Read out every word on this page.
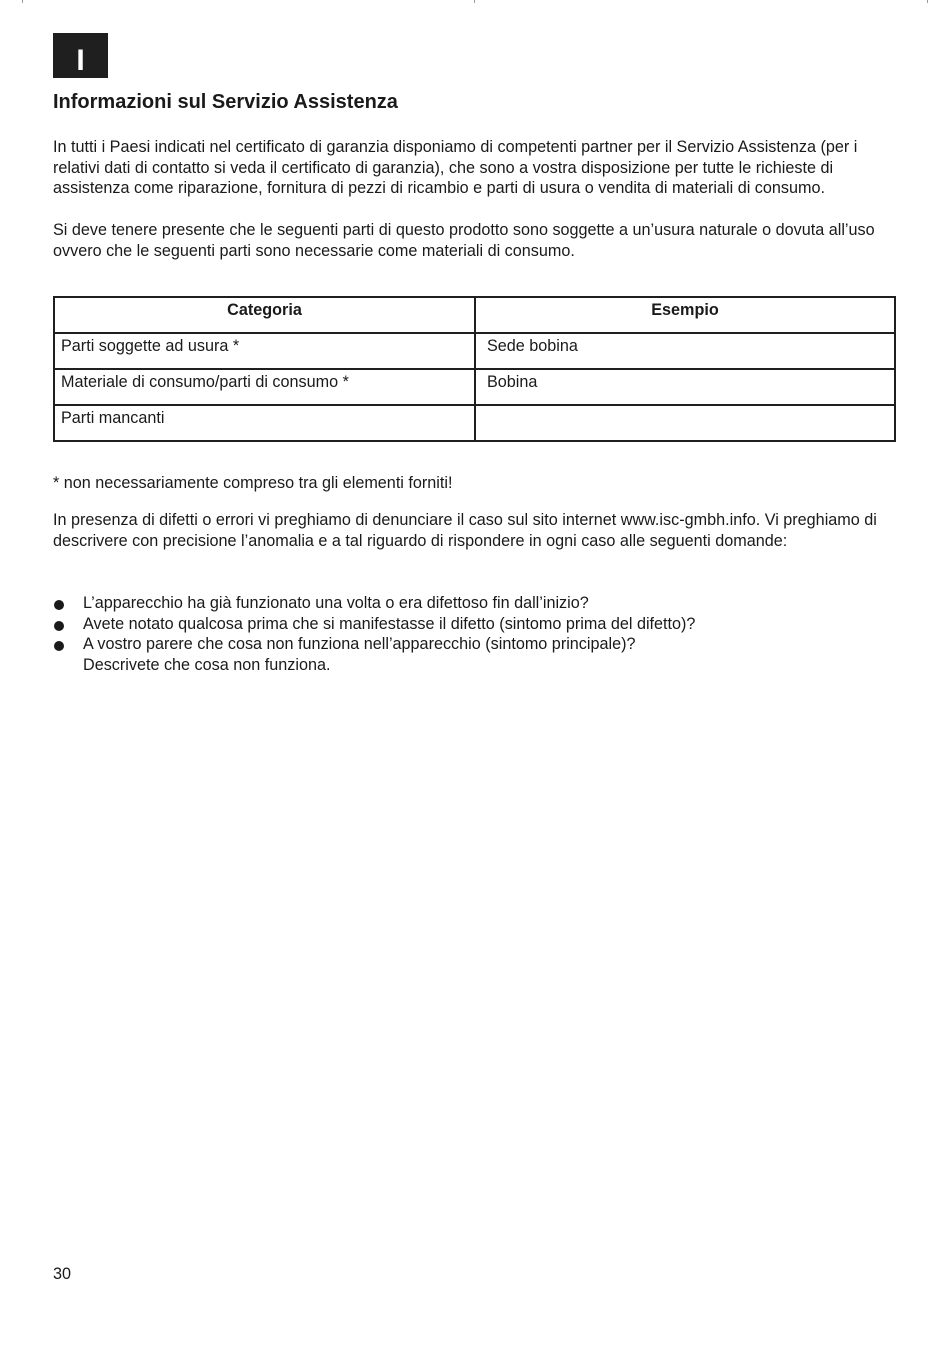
I
Informazioni sul Servizio Assistenza

In tutti i Paesi indicati nel certificato di garanzia disponiamo di competenti partner per il Servizio Assistenza (per i relativi dati di contatto si veda il certificato di garanzia), che sono a vostra disposizione per tutte le richieste di assistenza come riparazione, fornitura di pezzi di ricambio e parti di usura o vendita di materiali di consumo.

Si deve tenere presente che le seguenti parti di questo prodotto sono soggette a un’usura naturale o dovuta all’uso ovvero che le seguenti parti sono necessarie come materiali di consumo.

Categoria	Esempio
Parti soggette ad usura *	Sede bobina
Materiale di consumo/parti di consumo *	Bobina
Parti mancanti	

* non necessariamente compreso tra gli elementi forniti!

In presenza di difetti o errori vi preghiamo di denunciare il caso sul sito internet www.isc-gmbh.info. Vi preghiamo di descrivere con precisione l’anomalia e a tal riguardo di rispondere in ogni caso alle seguenti domande:

L’apparecchio ha già funzionato una volta o era difettoso fin dall’inizio?
Avete notato qualcosa prima che si manifestasse il difetto (sintomo prima del difetto)?
A vostro parere che cosa non funziona nell’apparecchio (sintomo principale)?
Descrivete che cosa non funziona.

30
